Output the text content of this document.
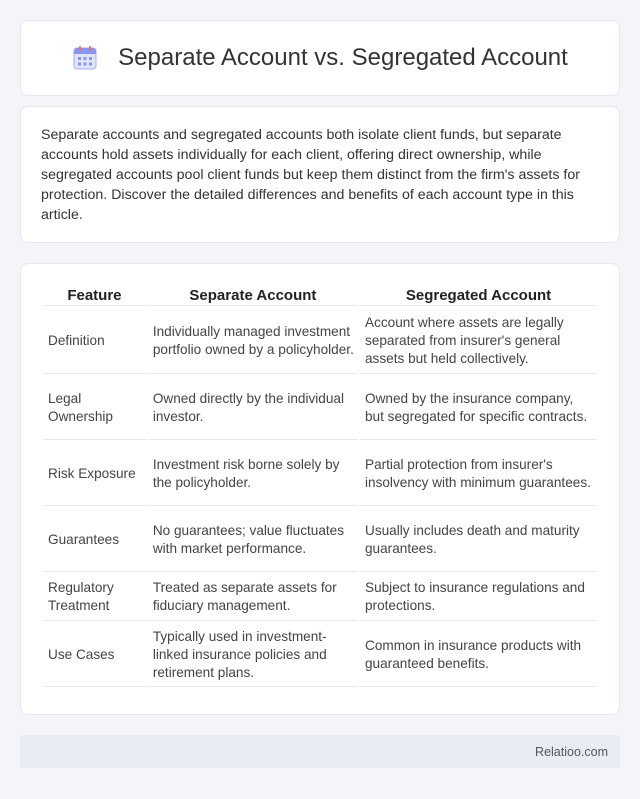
Separate Account vs. Segregated Account

Separate accounts and segregated accounts both isolate client funds, but separate accounts hold assets individually for each client, offering direct ownership, while segregated accounts pool client funds but keep them distinct from the firm's assets for protection. Discover the detailed differences and benefits of each account type in this article.

Feature	Separate Account	Segregated Account
Definition	Individually managed investment portfolio owned by a policyholder.	Account where assets are legally separated from insurer's general assets but held collectively.
Legal Ownership	Owned directly by the individual investor.	Owned by the insurance company, but segregated for specific contracts.
Risk Exposure	Investment risk borne solely by the policyholder.	Partial protection from insurer's insolvency with minimum guarantees.
Guarantees	No guarantees; value fluctuates with market performance.	Usually includes death and maturity guarantees.
Regulatory Treatment	Treated as separate assets for fiduciary management.	Subject to insurance regulations and protections.
Use Cases	Typically used in investment-linked insurance policies and retirement plans.	Common in insurance products with guaranteed benefits.
Relatioo.com
